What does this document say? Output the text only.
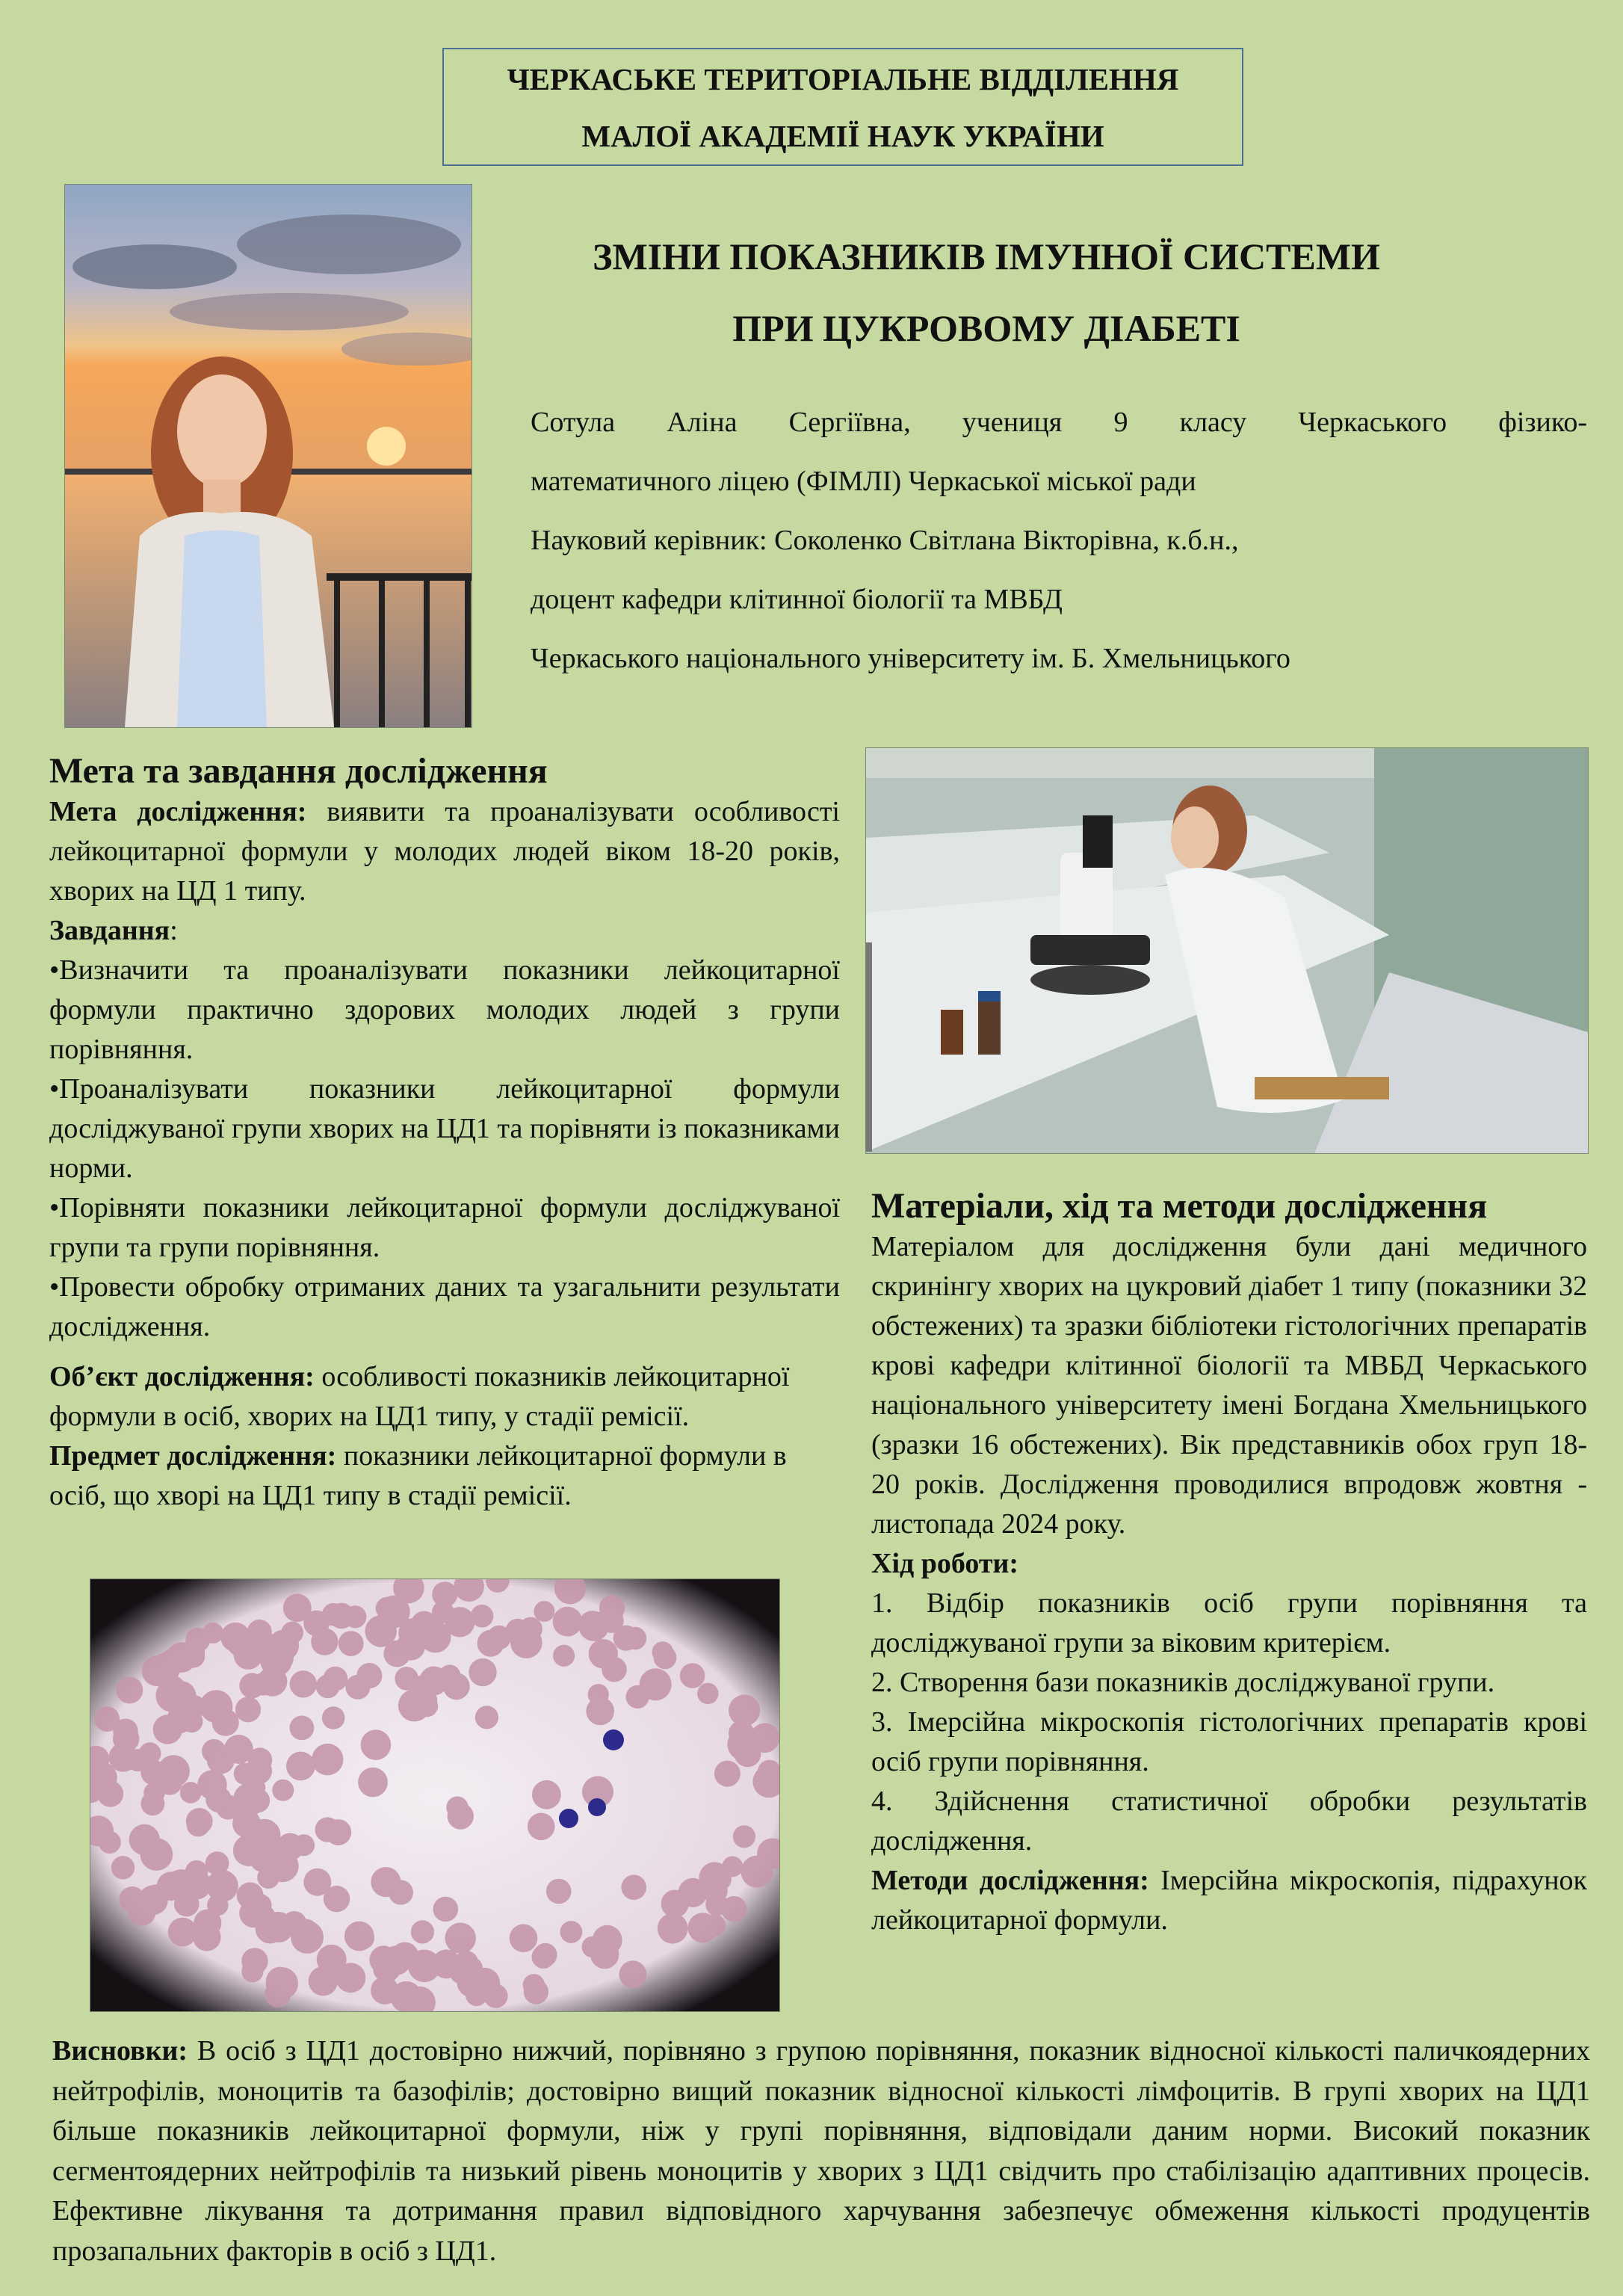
ЧЕРКАСЬКЕ ТЕРИТОРІАЛЬНЕ ВІДДІЛЕННЯ
МАЛОЇ АКАДЕМІЇ НАУК УКРАЇНИ
ЗМІНИ ПОКАЗНИКІВ ІМУННОЇ СИСТЕМИ
ПРИ ЦУКРОВОМУ ДІАБЕТІ
Сотула Аліна Сергіївна, учениця 9 класу Черкаського фізико-
математичного ліцею (ФІМЛІ) Черкаської міської ради
Науковий керівник: Соколенко Світлана Вікторівна, к.б.н.,
доцент кафедри клітинної біології та МВБД
Черкаського національного університету ім. Б. Хмельницького
Мета та завдання дослідження

Мета дослідження: виявити та проаналізувати особливості лейкоцитарної формули у молодих людей віком 18-20 років, хворих на ЦД 1 типу.

Завдання:

•Визначити та проаналізувати показники лейкоцитарної формули практично здорових молодих людей з групи порівняння.

•Проаналізувати показники лейкоцитарної формули досліджуваної групи хворих на ЦД1 та порівняти із показниками норми.

•Порівняти показники лейкоцитарної формули досліджуваної групи та групи порівняння.

•Провести обробку отриманих даних та узагальнити результати дослідження.

Об’єкт дослідження: особливості показників лейкоцитарної формули в осіб, хворих на ЦД1 типу, у стадії ремісії.

Предмет дослідження: показники лейкоцитарної формули в осіб, що хворі на ЦД1 типу в стадії ремісії.

Матеріали, хід та методи дослідження

Матеріалом для дослідження були дані медичного скринінгу хворих на цукровий діабет 1 типу (показники 32 обстежених) та зразки бібліотеки гістологічних препаратів крові кафедри клітинної біології та МВБД Черкаського національного університету імені Богдана Хмельницького (зразки 16 обстежених). Вік представників обох груп 18-20 років. Дослідження проводилися впродовж жовтня - листопада 2024 року.

Хід роботи:

1. Відбір показників осіб групи порівняння та досліджуваної групи за віковим критерієм.

2. Створення бази показників досліджуваної групи.

3. Імерсійна мікроскопія гістологічних препаратів крові осіб групи порівняння.

4. Здійснення статистичної обробки результатів дослідження.

Методи дослідження: Імерсійна мікроскопія, підрахунок лейкоцитарної формули.

Висновки: В осіб з ЦД1 достовірно нижчий, порівняно з групою порівняння, показник відносної кількості паличкоядерних нейтрофілів, моноцитів та базофілів; достовірно вищий показник відносної кількості лімфоцитів. В групі хворих на ЦД1 більше показників лейкоцитарної формули, ніж у групі порівняння, відповідали даним норми. Високий показник сегментоядерних нейтрофілів та низький рівень моноцитів у хворих з ЦД1 свідчить про стабілізацію адаптивних процесів. Ефективне лікування та дотримання правил відповідного харчування забезпечує обмеження кількості продуцентів прозапальних факторів в осіб з ЦД1.
